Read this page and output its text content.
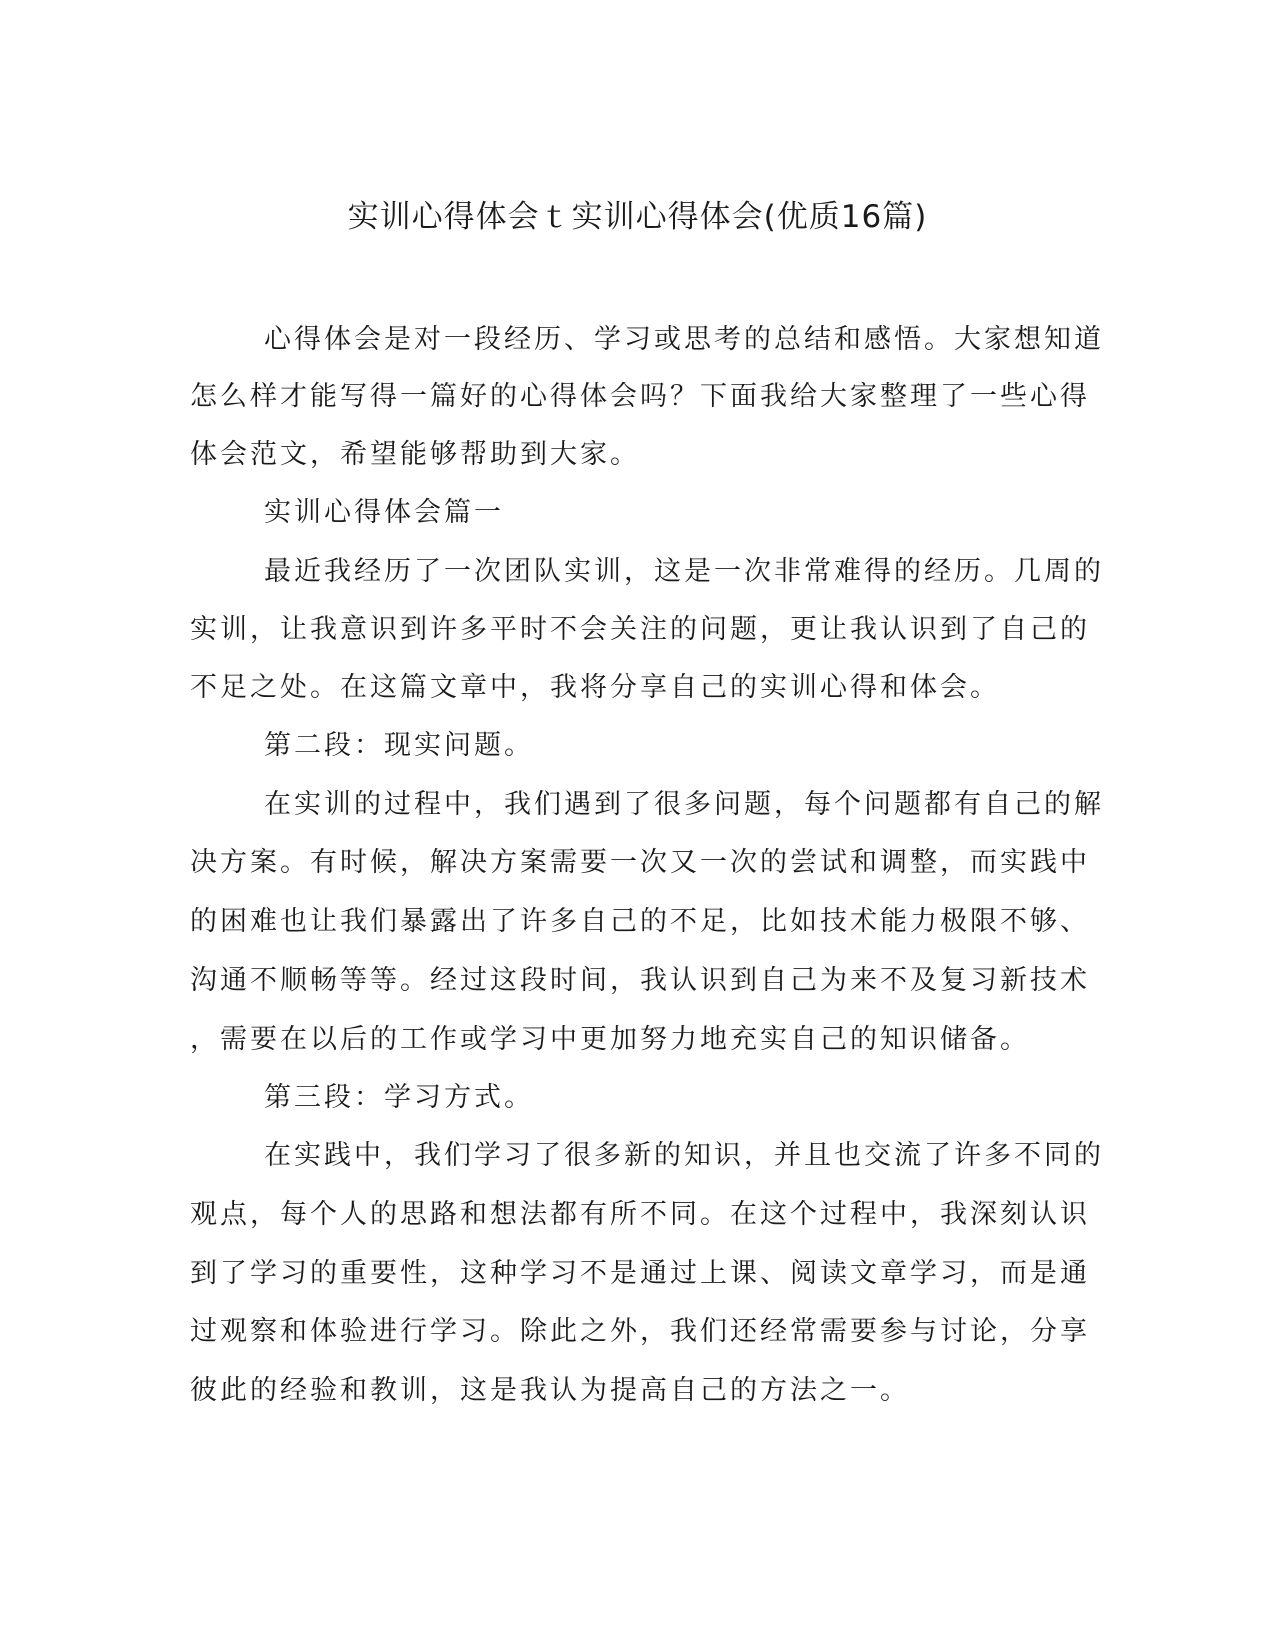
实训心得体会ｔ实训心得体会(优质16篇)
心得体会是对一段经历、学习或思考的总结和感悟。大家想知道
怎么样才能写得一篇好的心得体会吗？下面我给大家整理了一些心得
体会范文，希望能够帮助到大家。
实训心得体会篇一
最近我经历了一次团队实训，这是一次非常难得的经历。几周的
实训，让我意识到许多平时不会关注的问题，更让我认识到了自己的
不足之处。在这篇文章中，我将分享自己的实训心得和体会。
第二段：现实问题。
在实训的过程中，我们遇到了很多问题，每个问题都有自己的解
决方案。有时候，解决方案需要一次又一次的尝试和调整，而实践中
的困难也让我们暴露出了许多自己的不足，比如技术能力极限不够、
沟通不顺畅等等。经过这段时间，我认识到自己为来不及复习新技术
，需要在以后的工作或学习中更加努力地充实自己的知识储备。
第三段：学习方式。
在实践中，我们学习了很多新的知识，并且也交流了许多不同的
观点，每个人的思路和想法都有所不同。在这个过程中，我深刻认识
到了学习的重要性，这种学习不是通过上课、阅读文章学习，而是通
过观察和体验进行学习。除此之外，我们还经常需要参与讨论，分享
彼此的经验和教训，这是我认为提高自己的方法之一。
